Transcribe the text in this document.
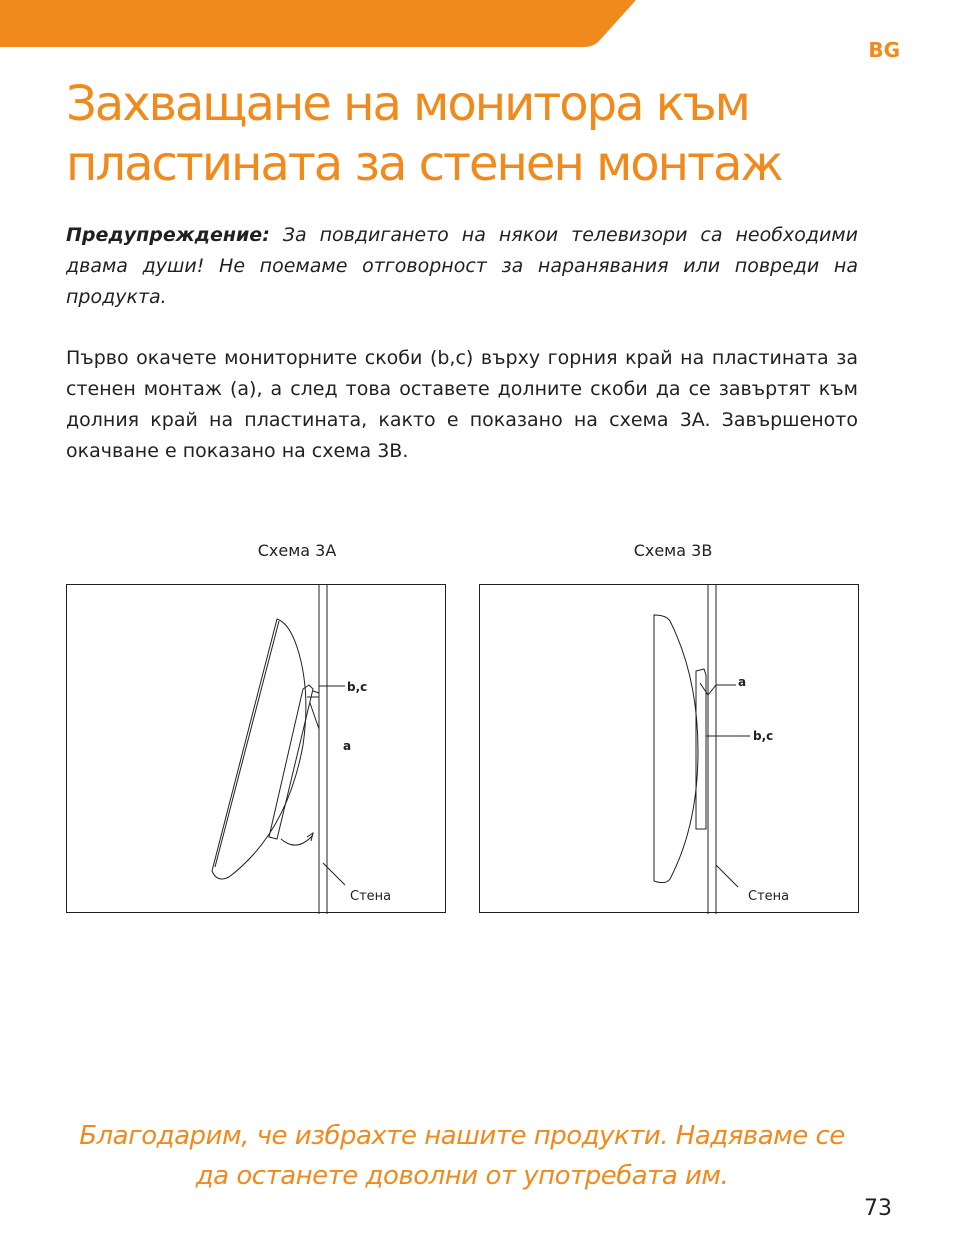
BG
Захващане на монитора към пластината за стенен монтаж

Предупреждение: За повдигането на някои телевизори са необходими двама души! Не поемаме отговорност за наранявания или повреди на продукта.

Първо окачете мониторните скоби (b,c) върху горния край на пластината за стенен монтаж (a), а след това оставете долните скоби да се завъртят към долния край на пластината, както е показано на схема 3A. Завършеното окачване е показано на схема 3B.

Схема 3A	Схема 3B
b,c
a
Стена
a
b,c
Стена

Благодарим, че избрахте нашите продукти. Надяваме се да останете доволни от употребата им.

73
